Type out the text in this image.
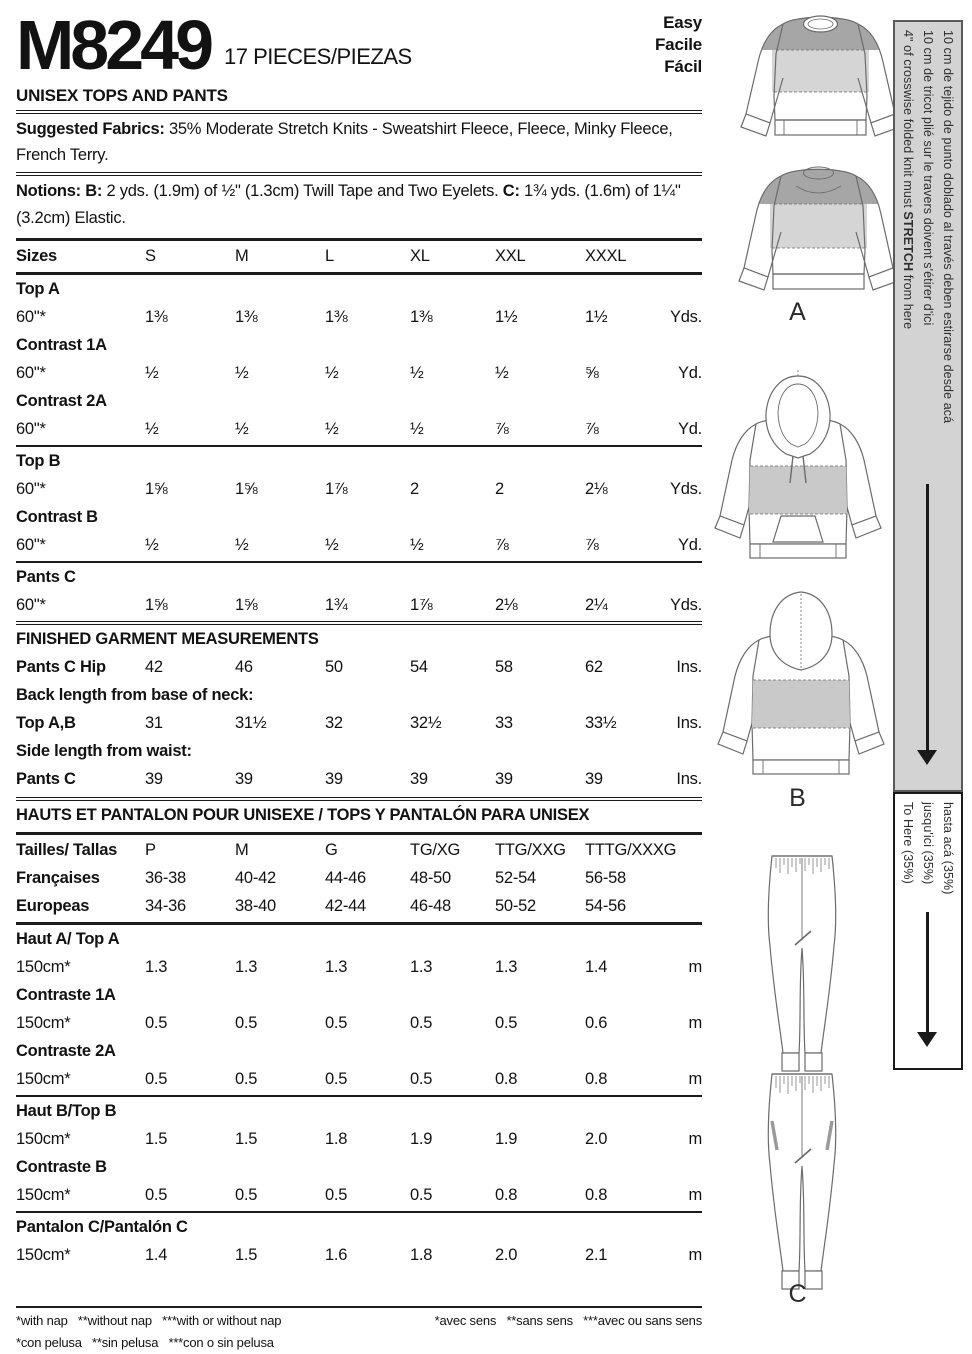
M8249 17 PIECES/PIEZAS
Easy
Facile
Fácil
UNISEX TOPS AND PANTS
Suggested Fabrics: 35% Moderate Stretch Knits - Sweatshirt Fleece, Fleece, Minky Fleece, French Terry.
Notions: B: 2 yds. (1.9m) of ½" (1.3cm) Twill Tape and Two Eyelets. C: 1¾ yds. (1.6m) of 1¼" (3.2cm) Elastic.
Sizes	S	M	L	XL	XXL	XXXL
Top A
60"*	1⅜	1⅜	1⅜	1⅜	1½	1½	Yds.
Contrast 1A
60"*	½	½	½	½	½	⅝	Yd.
Contrast 2A
60"*	½	½	½	½	⅞	⅞	Yd.
Top B
60"*	1⅝	1⅝	1⅞	2	2	2⅛	Yds.
Contrast B
60"*	½	½	½	½	⅞	⅞	Yd.
Pants C
60"*	1⅝	1⅝	1¾	1⅞	2⅛	2¼	Yds.
FINISHED GARMENT MEASUREMENTS
Pants C Hip	42	46	50	54	58	62	Ins.
Back length from base of neck:
Top A,B	31	31½	32	32½	33	33½	Ins.
Side length from waist:
Pants C	39	39	39	39	39	39	Ins.
HAUTS ET PANTALON POUR UNISEXE / TOPS Y PANTALÓN PARA UNISEX
Tailles/ Tallas	P	M	G	TG/XG	TTG/XXG	TTTG/XXXG
Françaises	36-38	40-42	44-46	48-50	52-54	56-58
Europeas	34-36	38-40	42-44	46-48	50-52	54-56
Haut A/ Top A
150cm*	1.3	1.3	1.3	1.3	1.3	1.4	m
Contraste 1A
150cm*	0.5	0.5	0.5	0.5	0.5	0.6	m
Contraste 2A
150cm*	0.5	0.5	0.5	0.5	0.8	0.8	m
Haut B/Top B
150cm*	1.5	1.5	1.8	1.9	1.9	2.0	m
Contraste B
150cm*	0.5	0.5	0.5	0.5	0.8	0.8	m
Pantalon C/Pantalón C
150cm*	1.4	1.5	1.6	1.8	2.0	2.1	m
*with nap   **without nap   ***with or without nap	*avec sens   **sans sens   ***avec ou sans sens
*con pelusa   **sin pelusa   ***con o sin pelusa
A
B
C
4" of crosswise folded knit must STRETCH from here 10 cm de tricot plié sur le travers doivent s'étirer d'ici 10 cm de tejido de punto doblado al través deben estirarse desde acá
To Here (35%) jusqu'ici (35%) hasta acá (35%)
